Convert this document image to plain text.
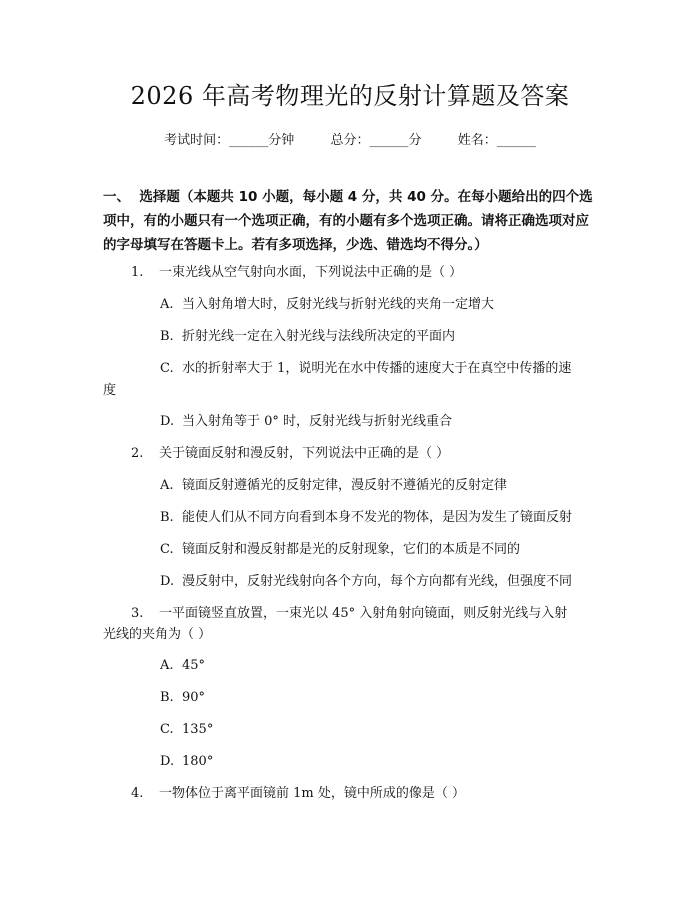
2026 年高考物理光的反射计算题及答案
考试时间：______分钟	总分：______分	姓名：______
一、 选择题（本题共 10 小题，每小题 4 分，共 40 分。在每小题给出的四个选项中，有的小题只有一个选项正确，有的小题有多个选项正确。请将正确选项对应的字母填写在答题卡上。若有多项选择，少选、错选均不得分。）
1. 一束光线从空气射向水面，下列说法中正确的是（ ）
A. 当入射角增大时，反射光线与折射光线的夹角一定增大
B. 折射光线一定在入射光线与法线所决定的平面内
C. 水的折射率大于 1，说明光在水中传播的速度大于在真空中传播的速
度
D. 当入射角等于 0° 时，反射光线与折射光线重合
2. 关于镜面反射和漫反射，下列说法中正确的是（ ）
A. 镜面反射遵循光的反射定律，漫反射不遵循光的反射定律
B. 能使人们从不同方向看到本身不发光的物体，是因为发生了镜面反射
C. 镜面反射和漫反射都是光的反射现象，它们的本质是不同的
D. 漫反射中，反射光线射向各个方向，每个方向都有光线，但强度不同
3. 一平面镜竖直放置，一束光以 45° 入射角射向镜面，则反射光线与入射
光线的夹角为（ ）
A. 45°
B. 90°
C. 135°
D. 180°
4. 一物体位于离平面镜前 1m 处，镜中所成的像是（ ）
